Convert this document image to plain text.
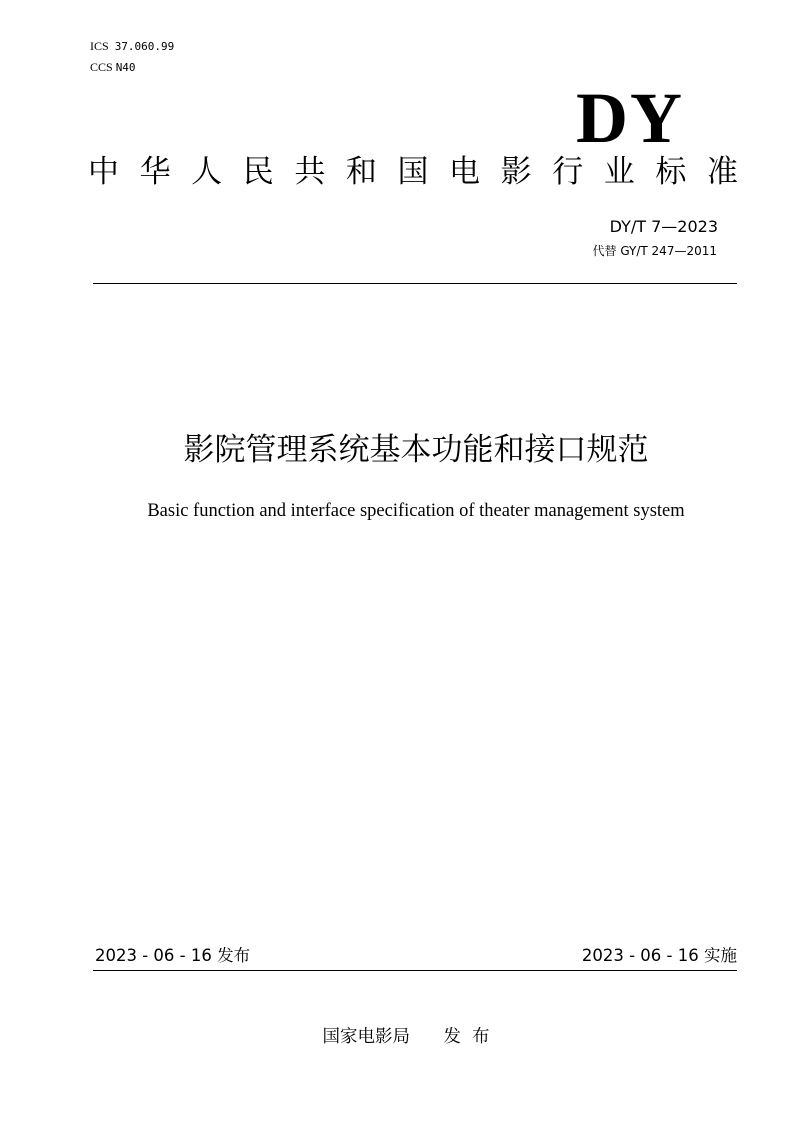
ICS 37.060.99
CCS N40
DY
中 华 人 民 共 和 国 电 影 行 业 标 准
DY/T 7—2023
代替 GY/T 247—2011
影院管理系统基本功能和接口规范
Basic function and interface specification of theater management system
2023 - 06 - 16 发布	2023 - 06 - 16 实施
国家电影局 发  布
